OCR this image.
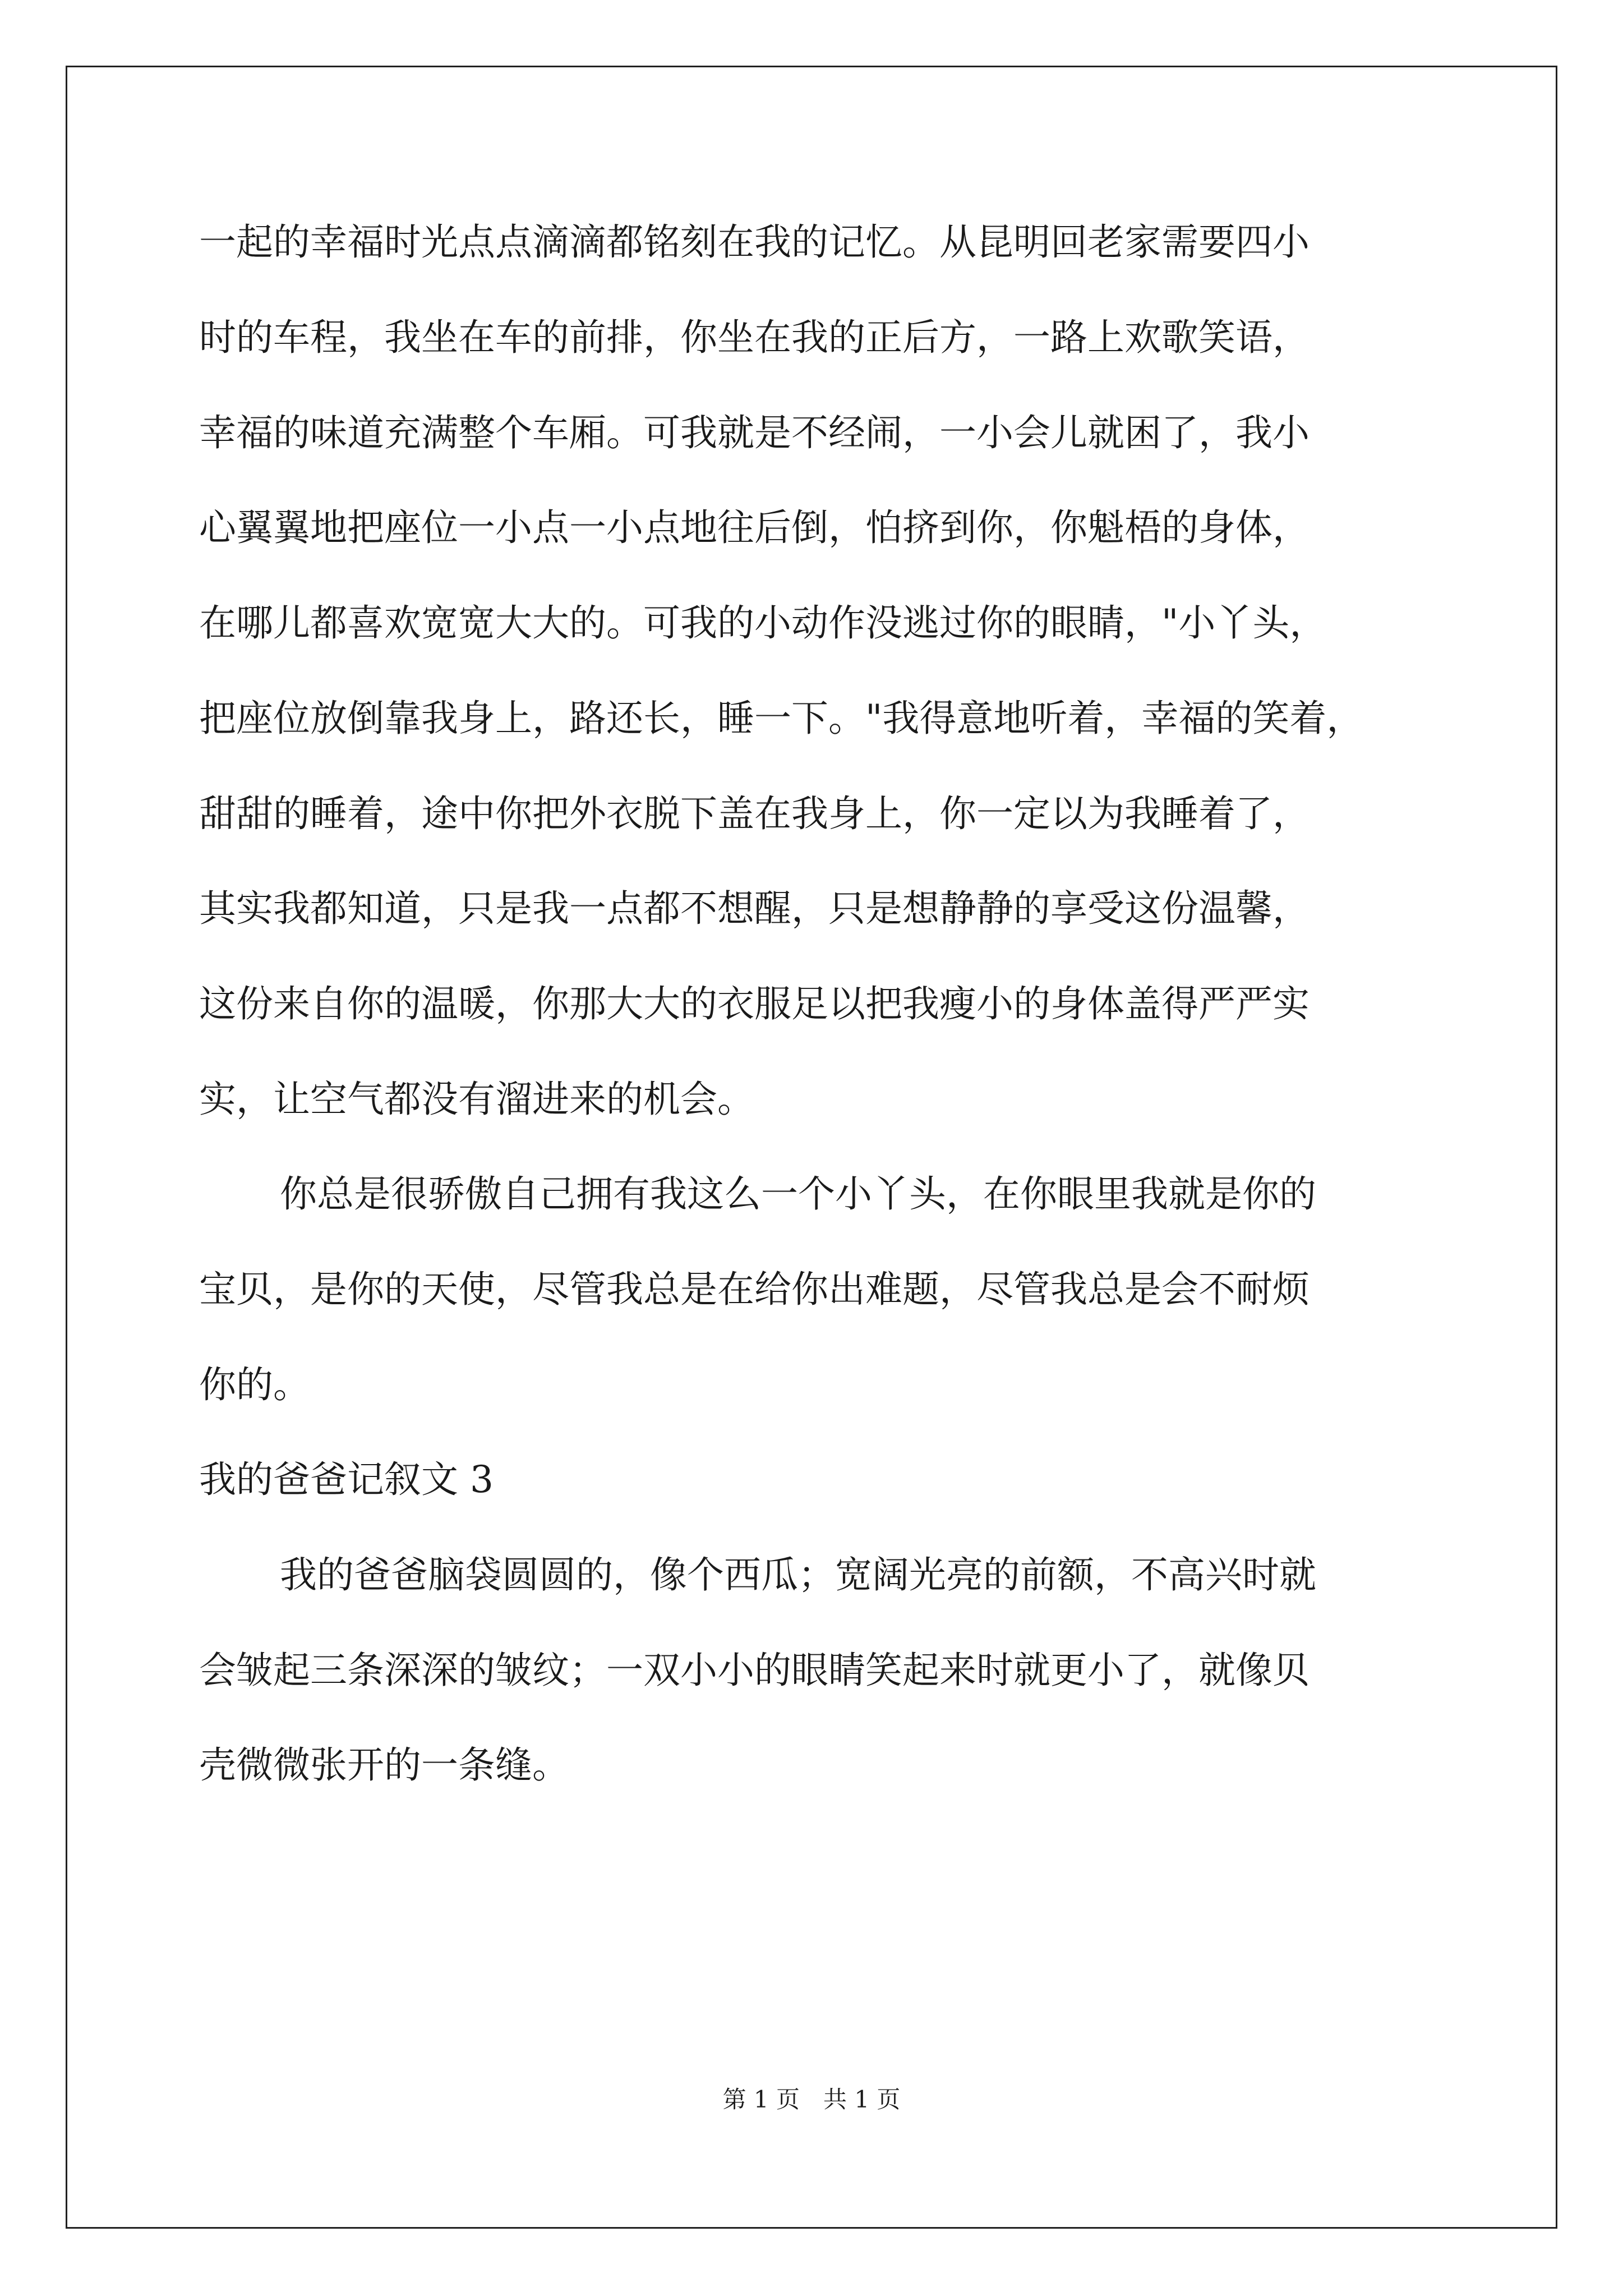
一起的幸福时光点点滴滴都铭刻在我的记忆。从昆明回老家需要四小
时的车程，我坐在车的前排，你坐在我的正后方，一路上欢歌笑语，
幸福的味道充满整个车厢。可我就是不经闹，一小会儿就困了，我小
心翼翼地把座位一小点一小点地往后倒，怕挤到你，你魁梧的身体，
在哪儿都喜欢宽宽大大的。可我的小动作没逃过你的眼睛，"小丫头，
把座位放倒靠我身上，路还长，睡一下。"我得意地听着，幸福的笑着，
甜甜的睡着，途中你把外衣脱下盖在我身上，你一定以为我睡着了，
其实我都知道，只是我一点都不想醒，只是想静静的享受这份温馨，
这份来自你的温暖，你那大大的衣服足以把我瘦小的身体盖得严严实
实，让空气都没有溜进来的机会。
你总是很骄傲自己拥有我这么一个小丫头，在你眼里我就是你的
宝贝，是你的天使，尽管我总是在给你出难题，尽管我总是会不耐烦
你的。
我的爸爸记叙文 3
我的爸爸脑袋圆圆的，像个西瓜；宽阔光亮的前额，不高兴时就
会皱起三条深深的皱纹；一双小小的眼睛笑起来时就更小了，就像贝
壳微微张开的一条缝。
第 1 页 共 1 页
